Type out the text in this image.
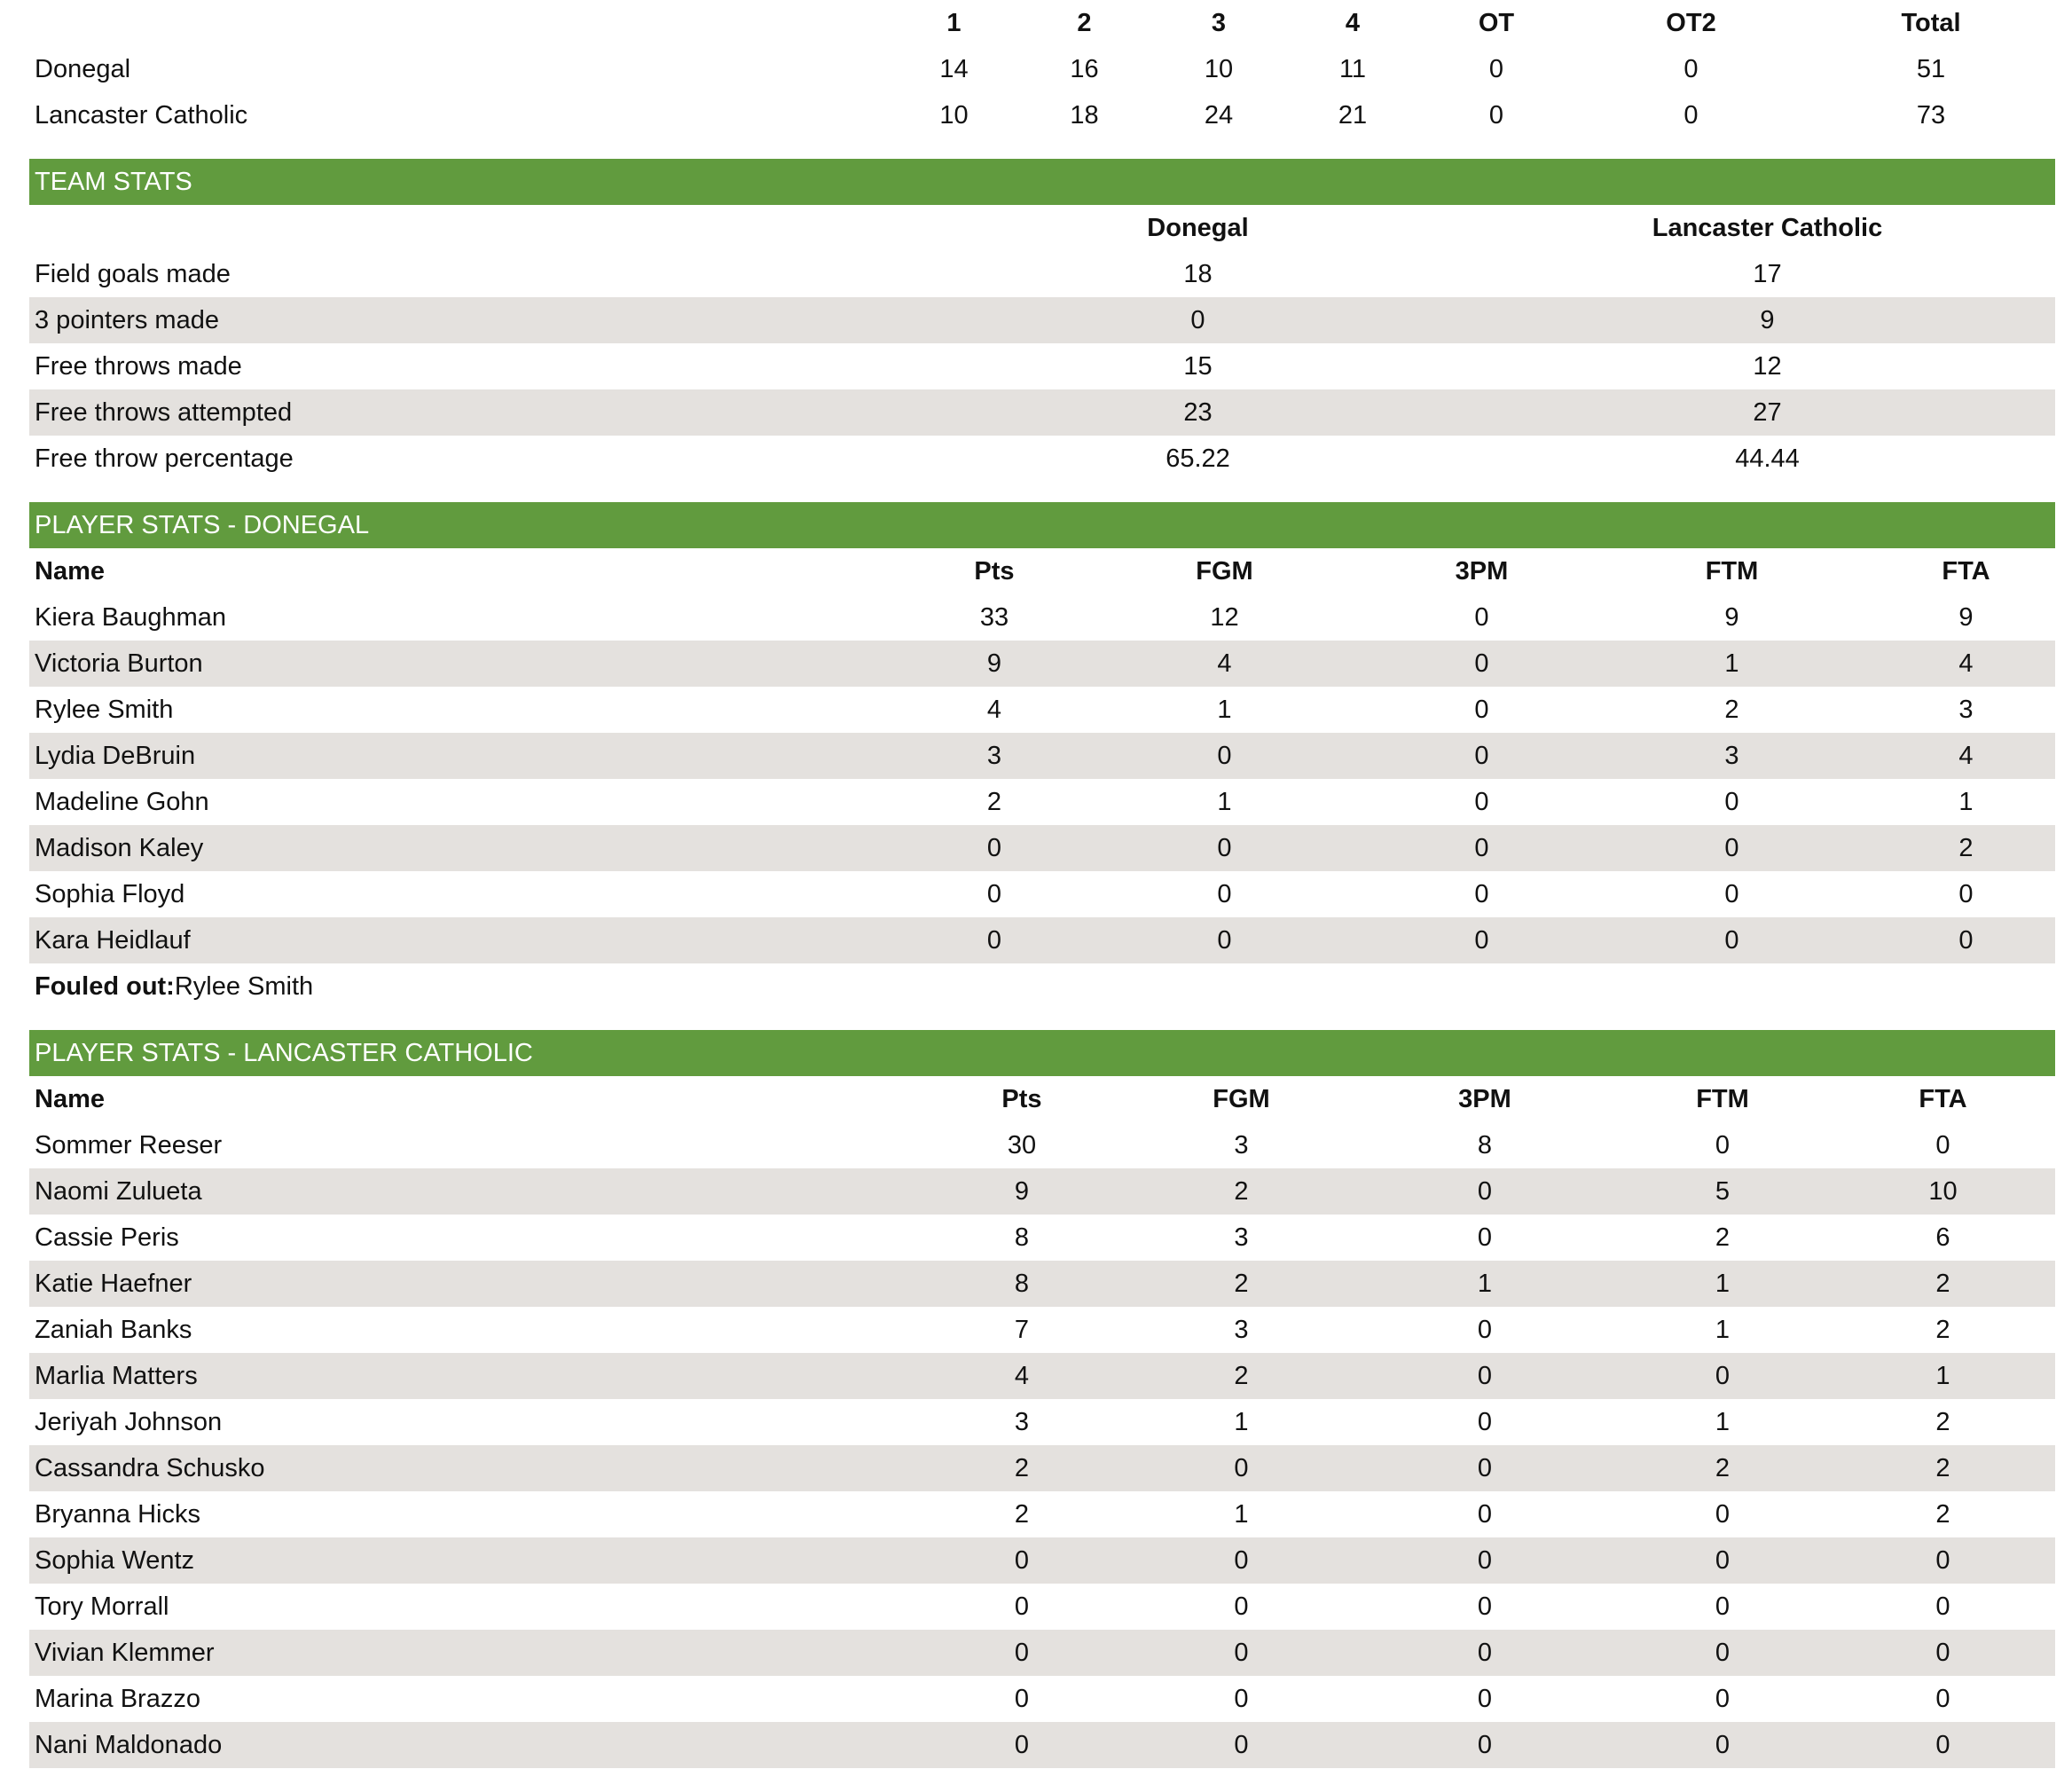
	1	2	3	4	OT	OT2	Total
Donegal	14	16	10	11	0	0	51
Lancaster Catholic	10	18	24	21	0	0	73
TEAM STATS
	Donegal	Lancaster Catholic
Field goals made	18	17
3 pointers made	0	9
Free throws made	15	12
Free throws attempted	23	27
Free throw percentage	65.22	44.44
PLAYER STATS - DONEGAL
Name	Pts	FGM	3PM	FTM	FTA
Kiera Baughman	33	12	0	9	9
Victoria Burton	9	4	0	1	4
Rylee Smith	4	1	0	2	3
Lydia DeBruin	3	0	0	3	4
Madeline Gohn	2	1	0	0	1
Madison Kaley	0	0	0	0	2
Sophia Floyd	0	0	0	0	0
Kara Heidlauf	0	0	0	0	0
Fouled out:Rylee Smith
PLAYER STATS - LANCASTER CATHOLIC
Name	Pts	FGM	3PM	FTM	FTA
Sommer Reeser	30	3	8	0	0
Naomi Zulueta	9	2	0	5	10
Cassie Peris	8	3	0	2	6
Katie Haefner	8	2	1	1	2
Zaniah Banks	7	3	0	1	2
Marlia Matters	4	2	0	0	1
Jeriyah Johnson	3	1	0	1	2
Cassandra Schusko	2	0	0	2	2
Bryanna Hicks	2	1	0	0	2
Sophia Wentz	0	0	0	0	0
Tory Morrall	0	0	0	0	0
Vivian Klemmer	0	0	0	0	0
Marina Brazzo	0	0	0	0	0
Nani Maldonado	0	0	0	0	0
